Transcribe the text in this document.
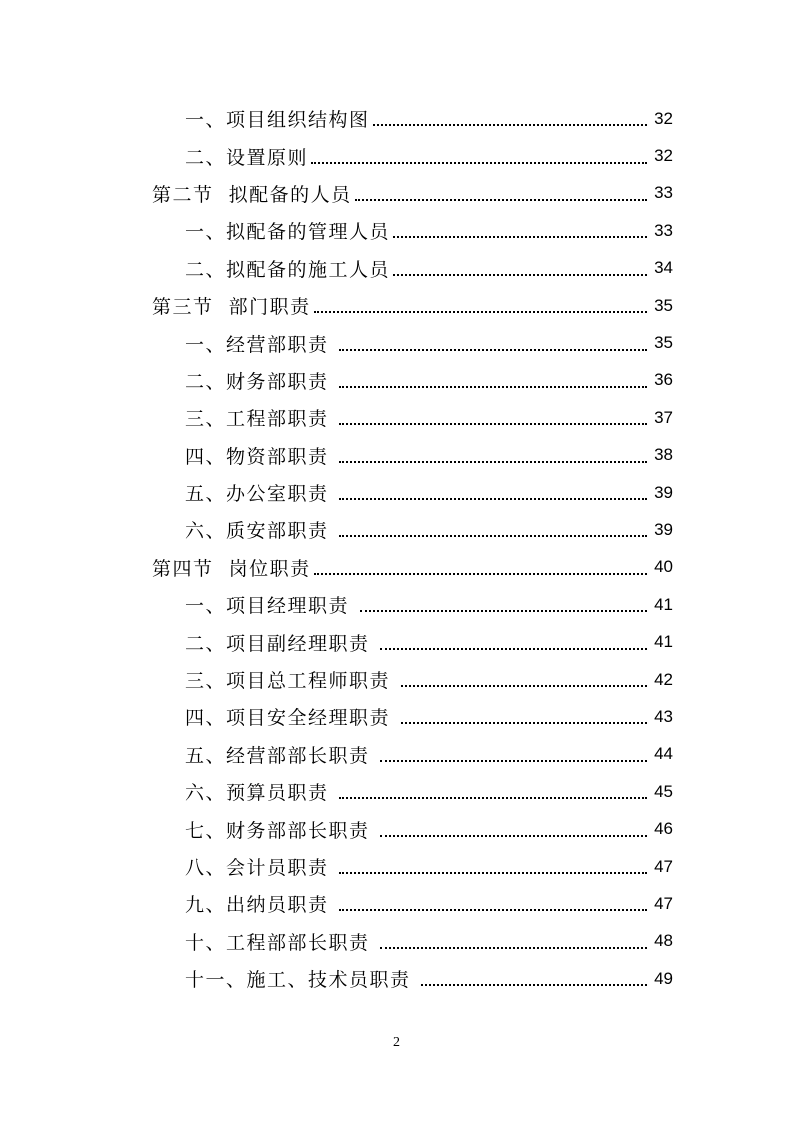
一、项目组织结构图	32
二、设置原则	32
第二节  拟配备的人员	33
一、拟配备的管理人员	33
二、拟配备的施工人员	34
第三节  部门职责	35
一、经营部职责	35
二、财务部职责	36
三、工程部职责	37
四、物资部职责	38
五、办公室职责	39
六、质安部职责	39
第四节  岗位职责	40
一、项目经理职责	41
二、项目副经理职责	41
三、项目总工程师职责	42
四、项目安全经理职责	43
五、经营部部长职责	44
六、预算员职责	45
七、财务部部长职责	46
八、会计员职责	47
九、出纳员职责	47
十、工程部部长职责	48
十一、施工、技术员职责	49
2
